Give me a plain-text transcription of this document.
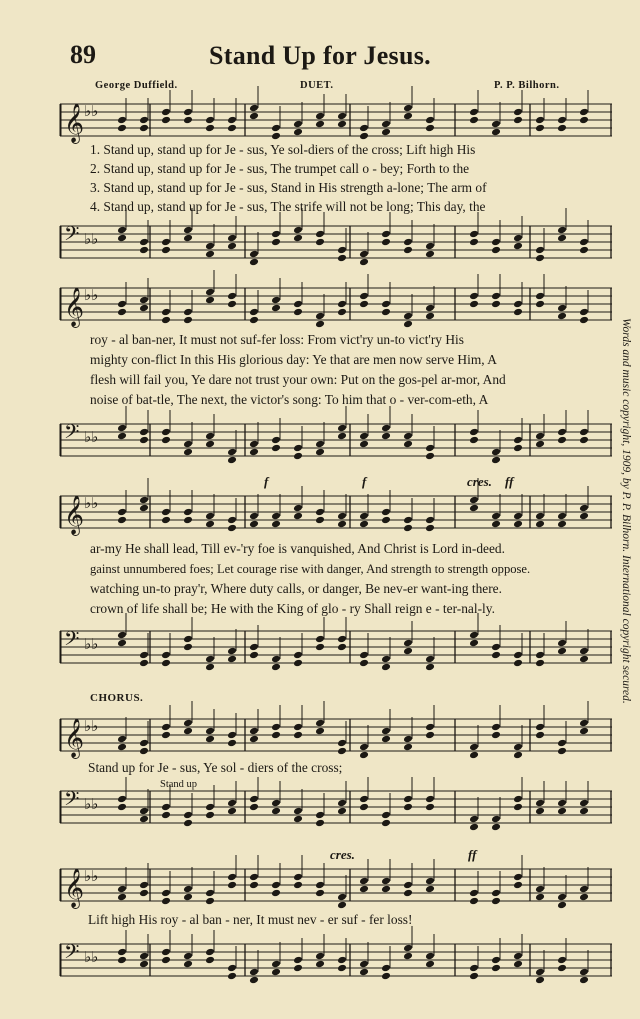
89	Stand Up for Jesus.
George Duffield.	DUET.	P. P. Bilhorn.
𝄞 ♭♭
1. Stand up, stand up for Je - sus, Ye sol-diers of the cross; Lift high His
2. Stand up, stand up for Je - sus, The trumpet call o - bey; Forth to the
3. Stand up, stand up for Je - sus, Stand in His strength a-lone; The arm of
4. Stand up, stand up for Je - sus, The strife will not be long; This day, the
𝄢 ♭♭
𝄞 ♭♭
roy - al ban-ner, It must not suf-fer loss: From vict'ry un-to vict'ry His
mighty con-flict In this His glorious day: Ye that are men now serve Him, A
flesh will fail you, Ye dare not trust your own: Put on the gos-pel ar-mor, And
noise of bat-tle, The next, the victor's song: To him that o - ver-com-eth, A
𝄢 ♭♭
f	f	cres. ff
𝄞 ♭♭
ar-my He shall lead, Till ev-'ry foe is vanquished, And Christ is Lord in-deed.
gainst unnumbered foes; Let courage rise with danger, And strength to strength oppose.
watching un-to pray'r, Where duty calls, or danger, Be nev-er want-ing there.
crown of life shall be; He with the King of glo - ry Shall reign e - ter-nal-ly.
𝄢 ♭♭
CHORUS.
𝄞 ♭♭
Stand up for Je - sus, Ye sol - diers of the cross;
Stand up
𝄢 ♭♭
cres.	ff
𝄞 ♭♭
Lift high His roy - al ban - ner, It must nev - er suf - fer loss!
𝄢 ♭♭
Words and music copyright, 1909, by P. P. Bilhorn. International copyright secured.
